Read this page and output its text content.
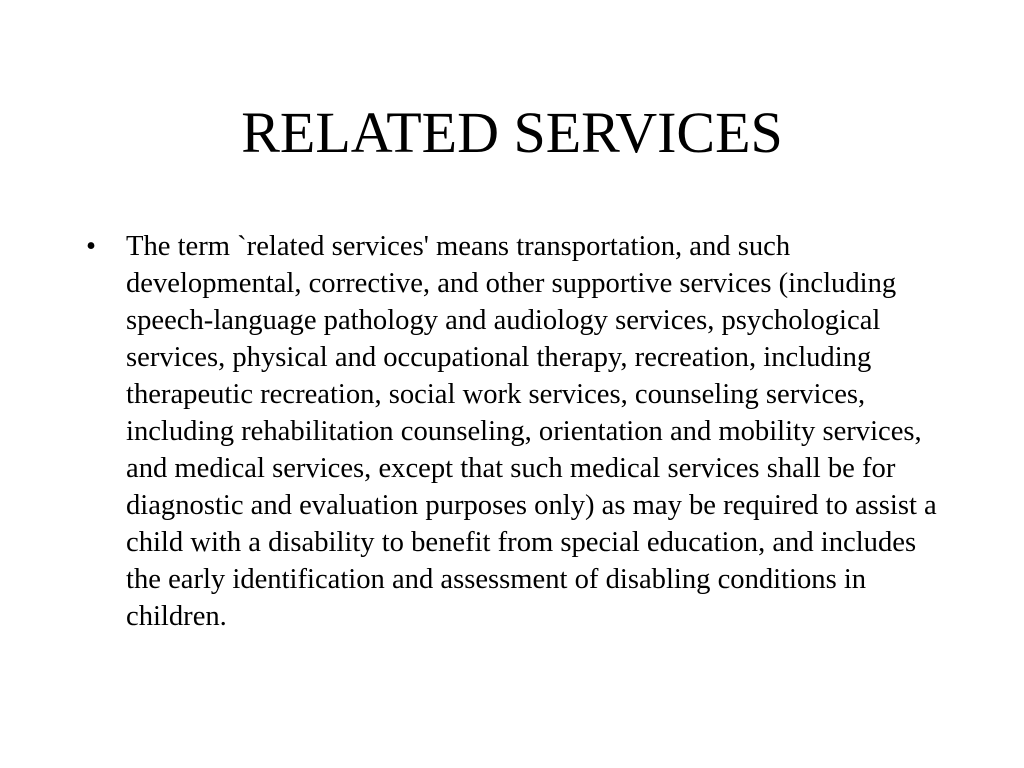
RELATED SERVICES
•	The term `related services' means transportation, and such developmental, corrective, and other supportive services (including speech-language pathology and audiology services, psychological services, physical and occupational therapy, recreation, including therapeutic recreation, social work services, counseling services, including rehabilitation counseling, orientation and mobility services, and medical services, except that such medical services shall be for diagnostic and evaluation purposes only) as may be required to assist a child with a disability to benefit from special education, and includes the early identification and assessment of disabling conditions in children.
